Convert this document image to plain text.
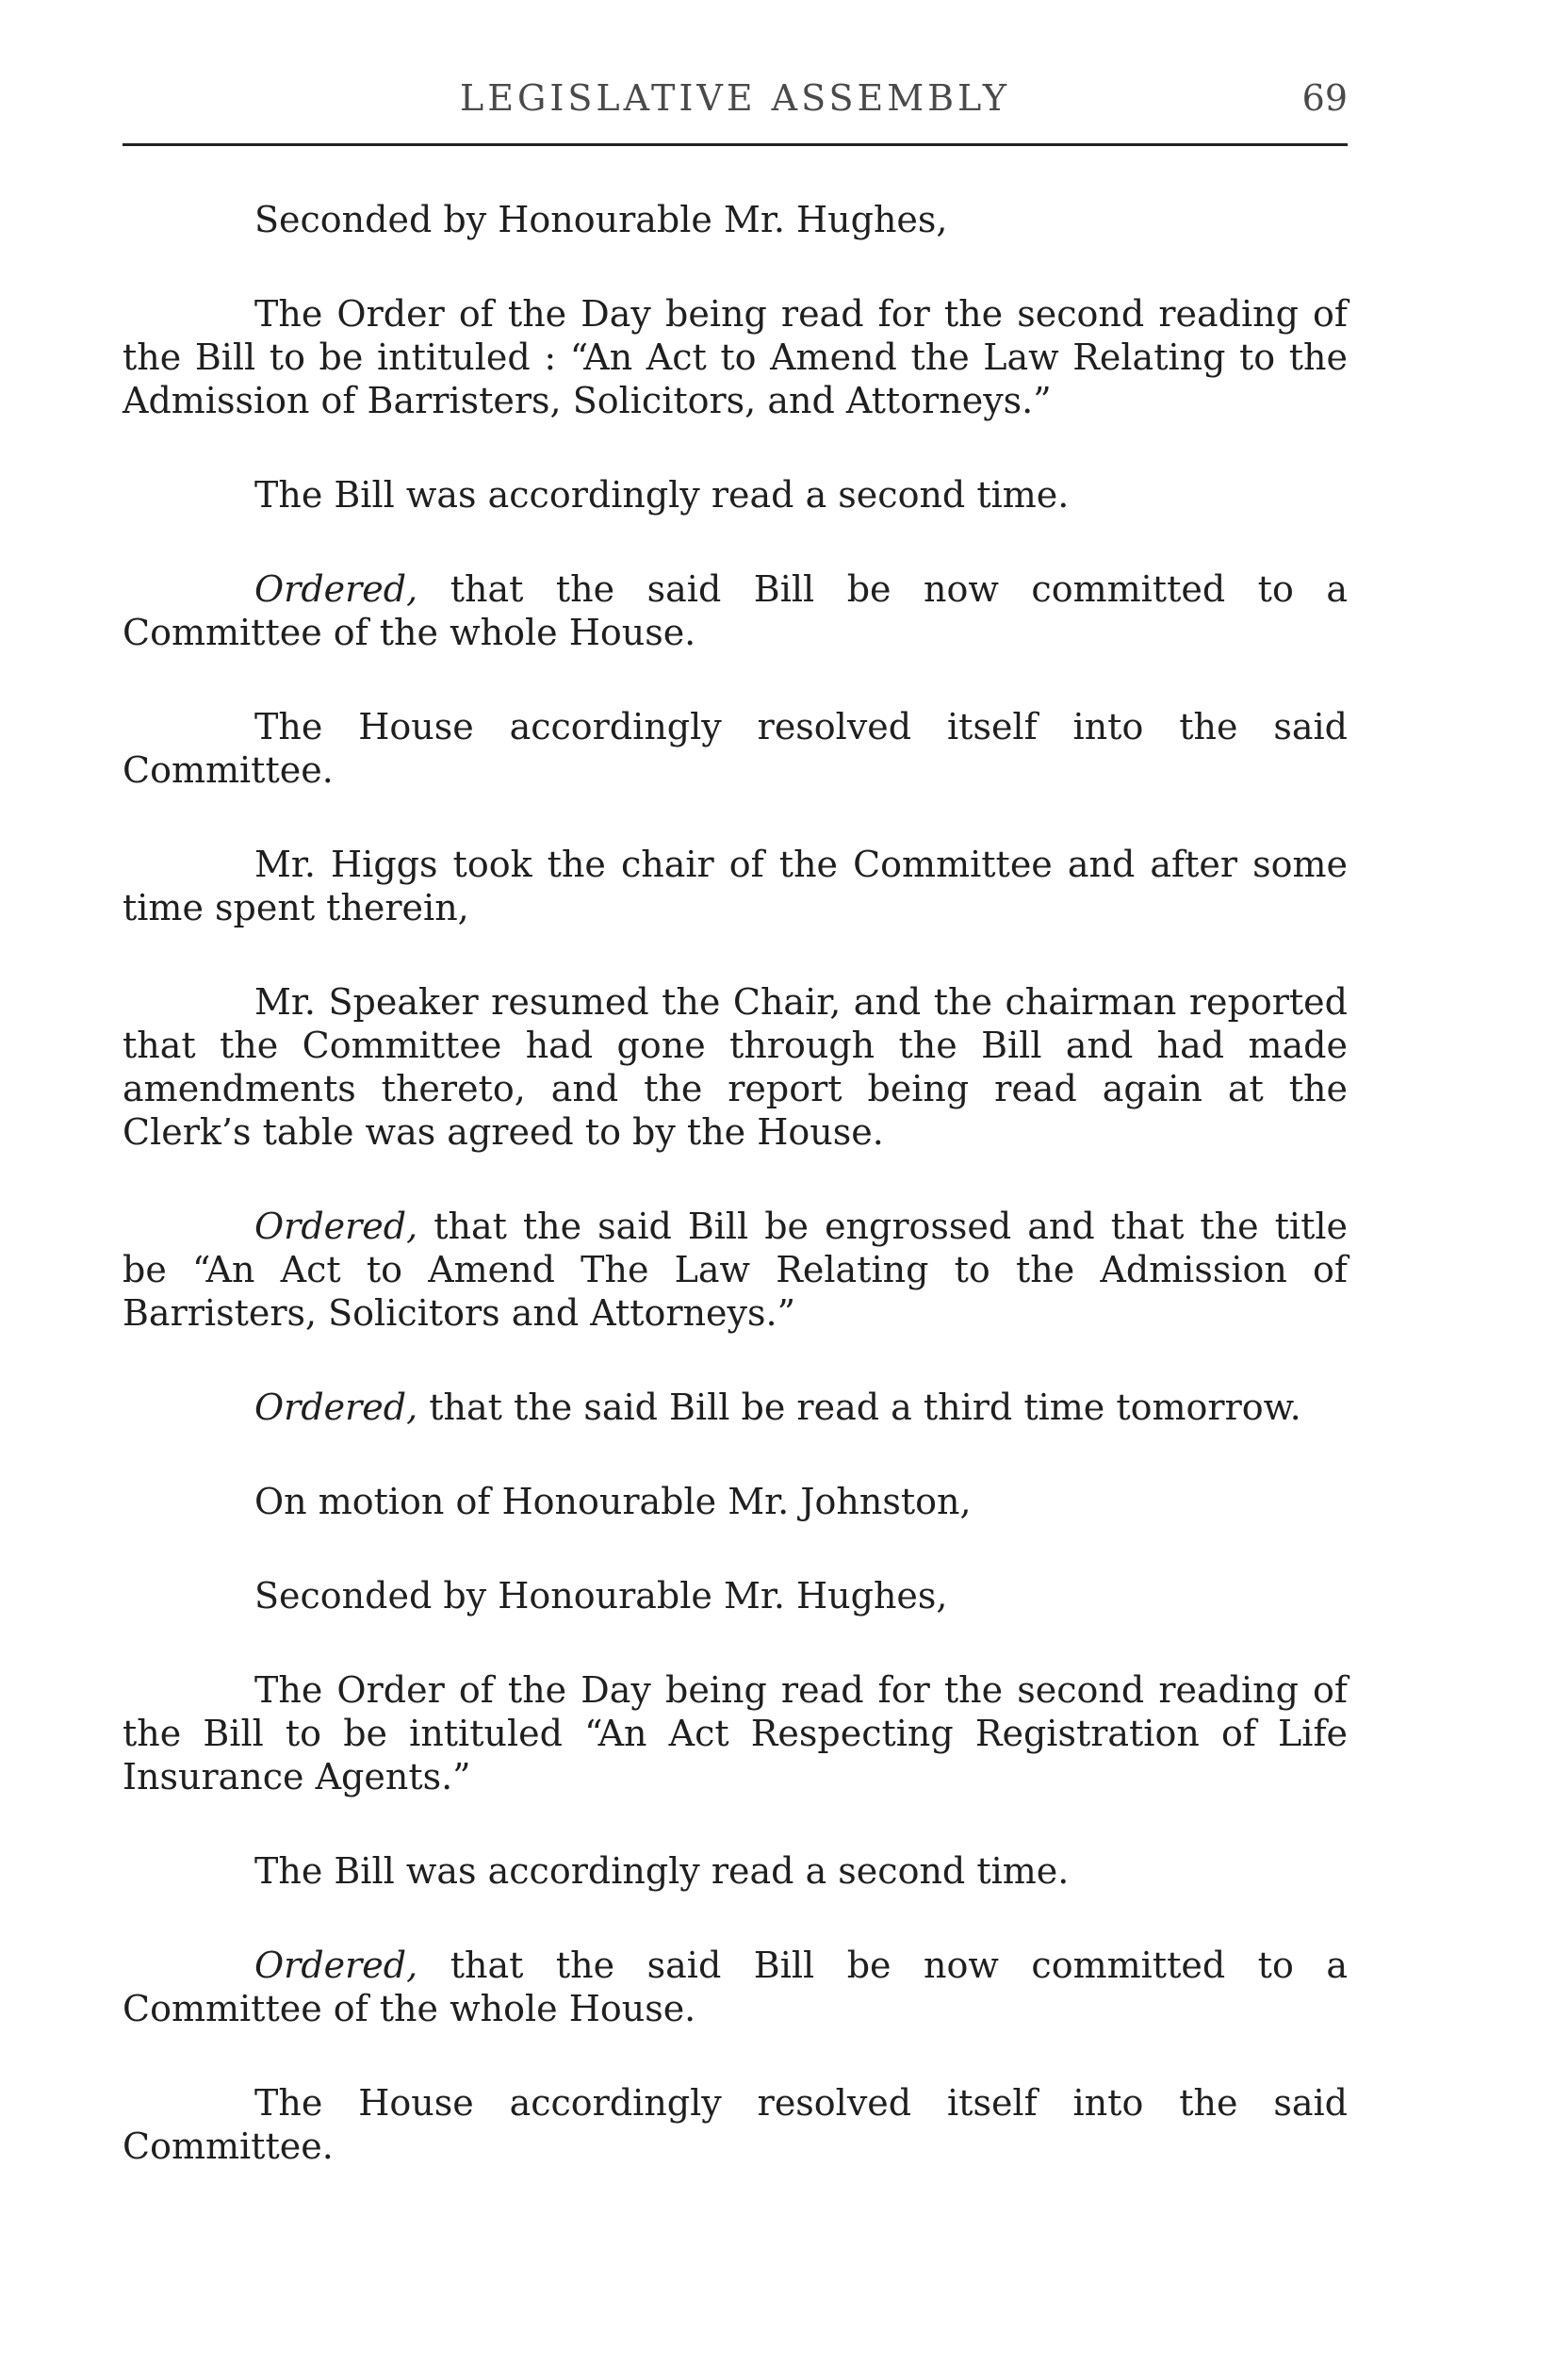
LEGISLATIVE ASSEMBLY	69

Seconded by Honourable Mr. Hughes,

The Order of the Day being read for the second reading of the Bill to be intituled : “An Act to Amend the Law Relating to the Admission of Barristers, Solicitors, and Attorneys.”

The Bill was accordingly read a second time.

Ordered, that the said Bill be now committed to a Committee of the whole House.

The House accordingly resolved itself into the said Committee.

Mr. Higgs took the chair of the Committee and after some time spent therein,

Mr. Speaker resumed the Chair, and the chairman reported that the Committee had gone through the Bill and had made amendments thereto, and the report being read again at the Clerk’s table was agreed to by the House.

Ordered, that the said Bill be engrossed and that the title be “An Act to Amend The Law Relating to the Admission of Barristers, Solicitors and Attorneys.”

Ordered, that the said Bill be read a third time tomorrow.

On motion of Honourable Mr. Johnston,

Seconded by Honourable Mr. Hughes,

The Order of the Day being read for the second reading of the Bill to be intituled “An Act Respecting Registration of Life Insurance Agents.”

The Bill was accordingly read a second time.

Ordered, that the said Bill be now committed to a Committee of the whole House.

The House accordingly resolved itself into the said Committee.
